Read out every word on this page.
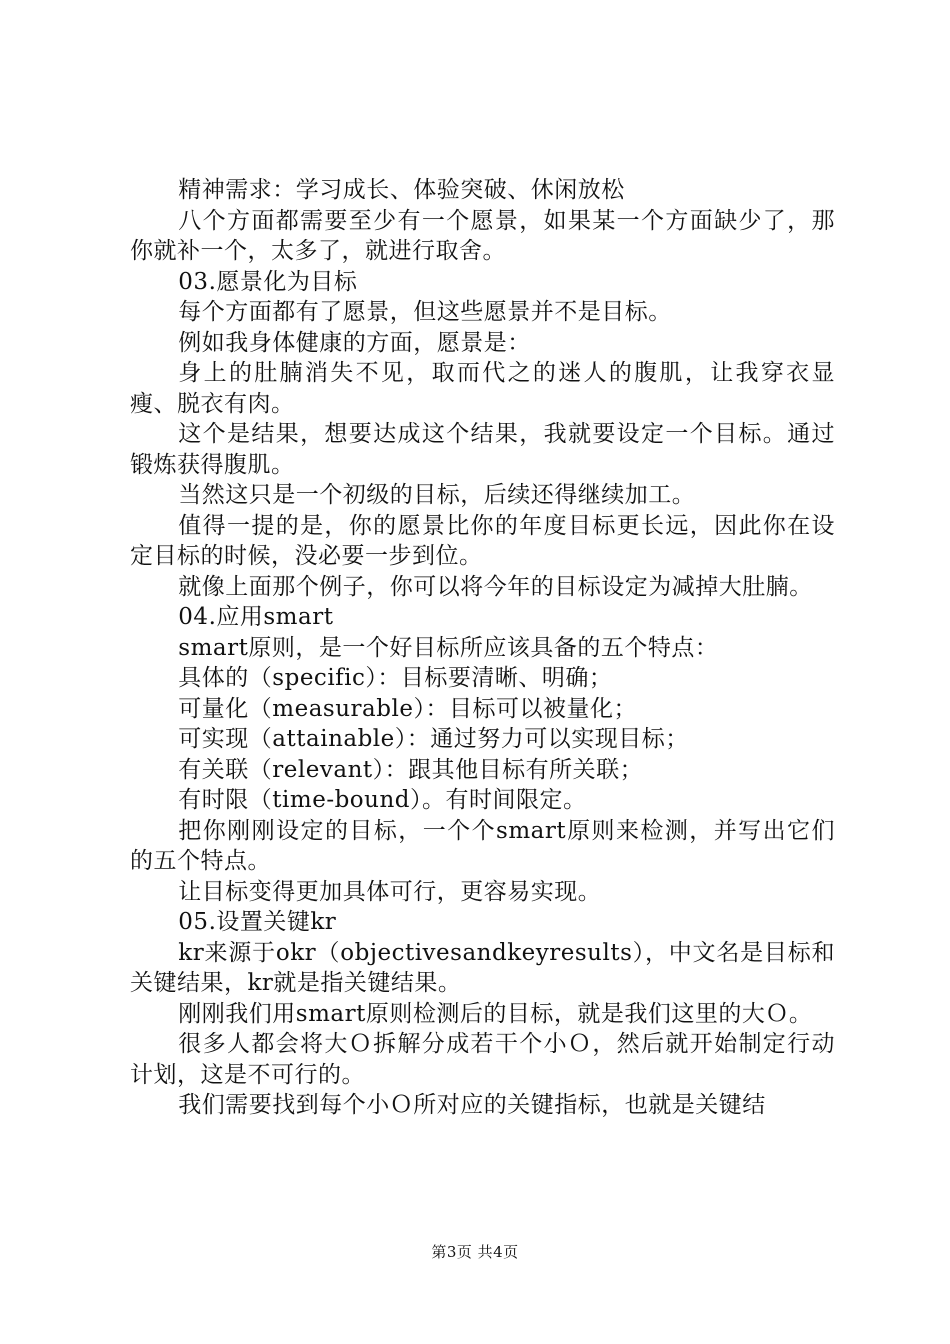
精神需求：学习成长、体验突破、休闲放松

八个方面都需要至少有一个愿景，如果某一个方面缺少了，那你就补一个，太多了，就进行取舍。

03.愿景化为目标

每个方面都有了愿景，但这些愿景并不是目标。

例如我身体健康的方面，愿景是：

身上的肚腩消失不见，取而代之的迷人的腹肌，让我穿衣显瘦、脱衣有肉。

这个是结果，想要达成这个结果，我就要设定一个目标。通过锻炼获得腹肌。

当然这只是一个初级的目标，后续还得继续加工。

值得一提的是，你的愿景比你的年度目标更长远，因此你在设定目标的时候，没必要一步到位。

就像上面那个例子，你可以将今年的目标设定为减掉大肚腩。

04.应用smart

smart原则，是一个好目标所应该具备的五个特点：

具体的（specific）：目标要清晰、明确；

可量化（measurable）：目标可以被量化；

可实现（attainable）：通过努力可以实现目标；

有关联（relevant）：跟其他目标有所关联；

有时限（time-bound）。有时间限定。

把你刚刚设定的目标，一个个smart原则来检测，并写出它们的五个特点。

让目标变得更加具体可行，更容易实现。

05.设置关键kr

kr来源于okr（objectivesandkeyresults），中文名是目标和关键结果，kr就是指关键结果。

刚刚我们用smart原则检测后的目标，就是我们这里的大Ｏ。

很多人都会将大Ｏ拆解分成若干个小Ｏ，然后就开始制定行动计划，这是不可行的。

我们需要找到每个小Ｏ所对应的关键指标，也就是关键结

第3页 共4页
